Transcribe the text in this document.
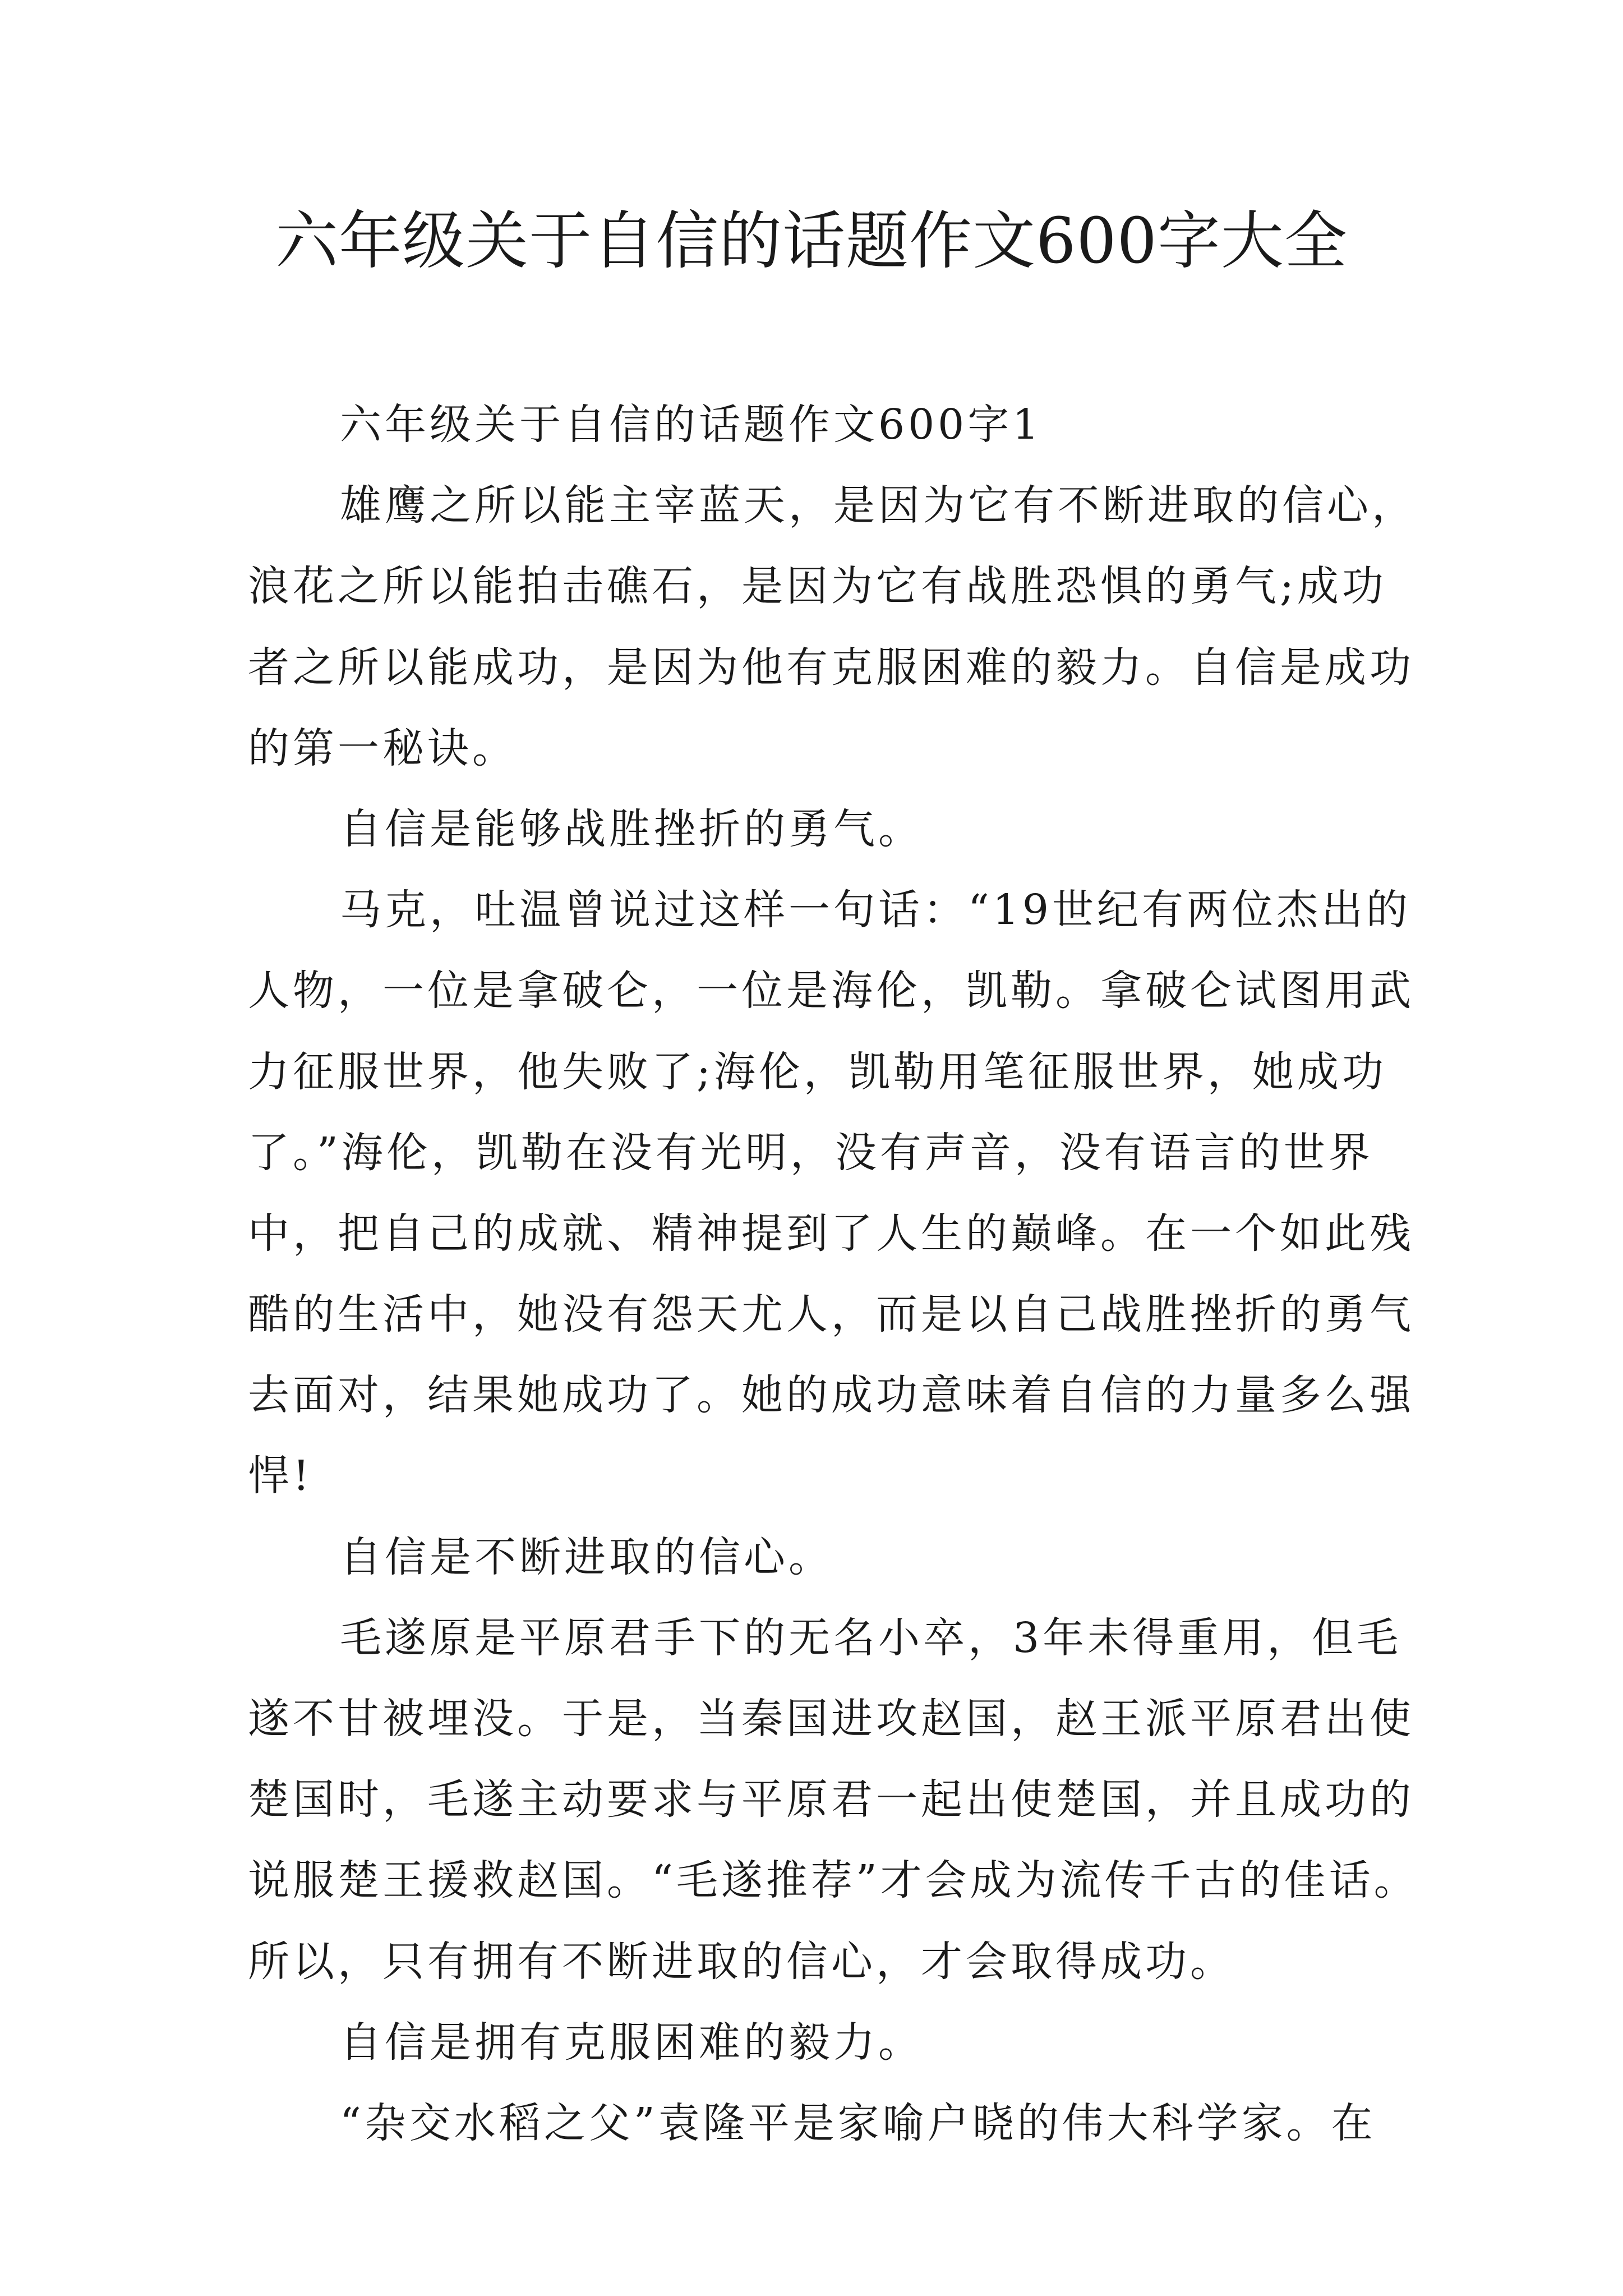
六年级关于自信的话题作文600字大全
六年级关于自信的话题作文600字1
雄鹰之所以能主宰蓝天，是因为它有不断进取的信心，
浪花之所以能拍击礁石，是因为它有战胜恐惧的勇气;成功
者之所以能成功，是因为他有克服困难的毅力。自信是成功
的第一秘诀。
自信是能够战胜挫折的勇气。
马克，吐温曾说过这样一句话：“19世纪有两位杰出的
人物，一位是拿破仑，一位是海伦，凯勒。拿破仑试图用武
力征服世界，他失败了;海伦，凯勒用笔征服世界，她成功
了。”海伦，凯勒在没有光明，没有声音，没有语言的世界
中，把自己的成就、精神提到了人生的巅峰。在一个如此残
酷的生活中，她没有怨天尤人，而是以自己战胜挫折的勇气
去面对，结果她成功了。她的成功意味着自信的力量多么强
悍!
自信是不断进取的信心。
毛遂原是平原君手下的无名小卒，3年未得重用，但毛
遂不甘被埋没。于是，当秦国进攻赵国，赵王派平原君出使
楚国时，毛遂主动要求与平原君一起出使楚国，并且成功的
说服楚王援救赵国。“毛遂推荐”才会成为流传千古的佳话。
所以，只有拥有不断进取的信心，才会取得成功。
自信是拥有克服困难的毅力。
“杂交水稻之父”袁隆平是家喻户晓的伟大科学家。在
